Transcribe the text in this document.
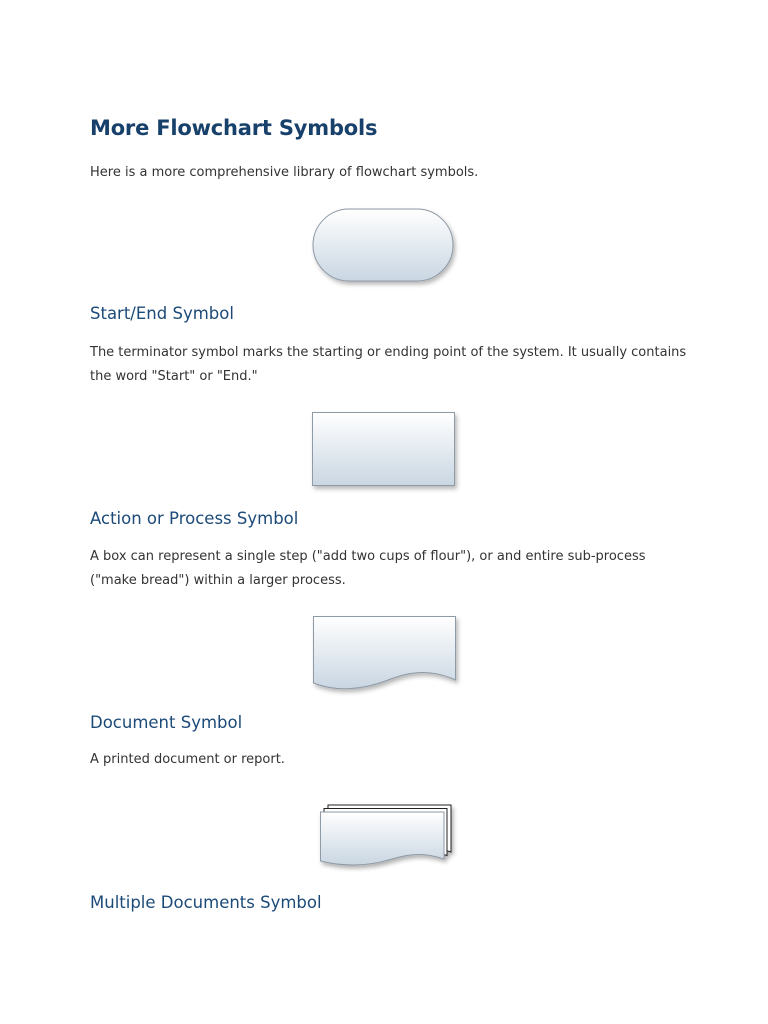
More Flowchart Symbols

Here is a more comprehensive library of flowchart symbols.

Start/End Symbol

The terminator symbol marks the starting or ending point of the system. It usually contains the word "Start" or "End."

Action or Process Symbol

A box can represent a single step ("add two cups of flour"), or and entire sub-process ("make bread") within a larger process.

Document Symbol

A printed document or report.

Multiple Documents Symbol
